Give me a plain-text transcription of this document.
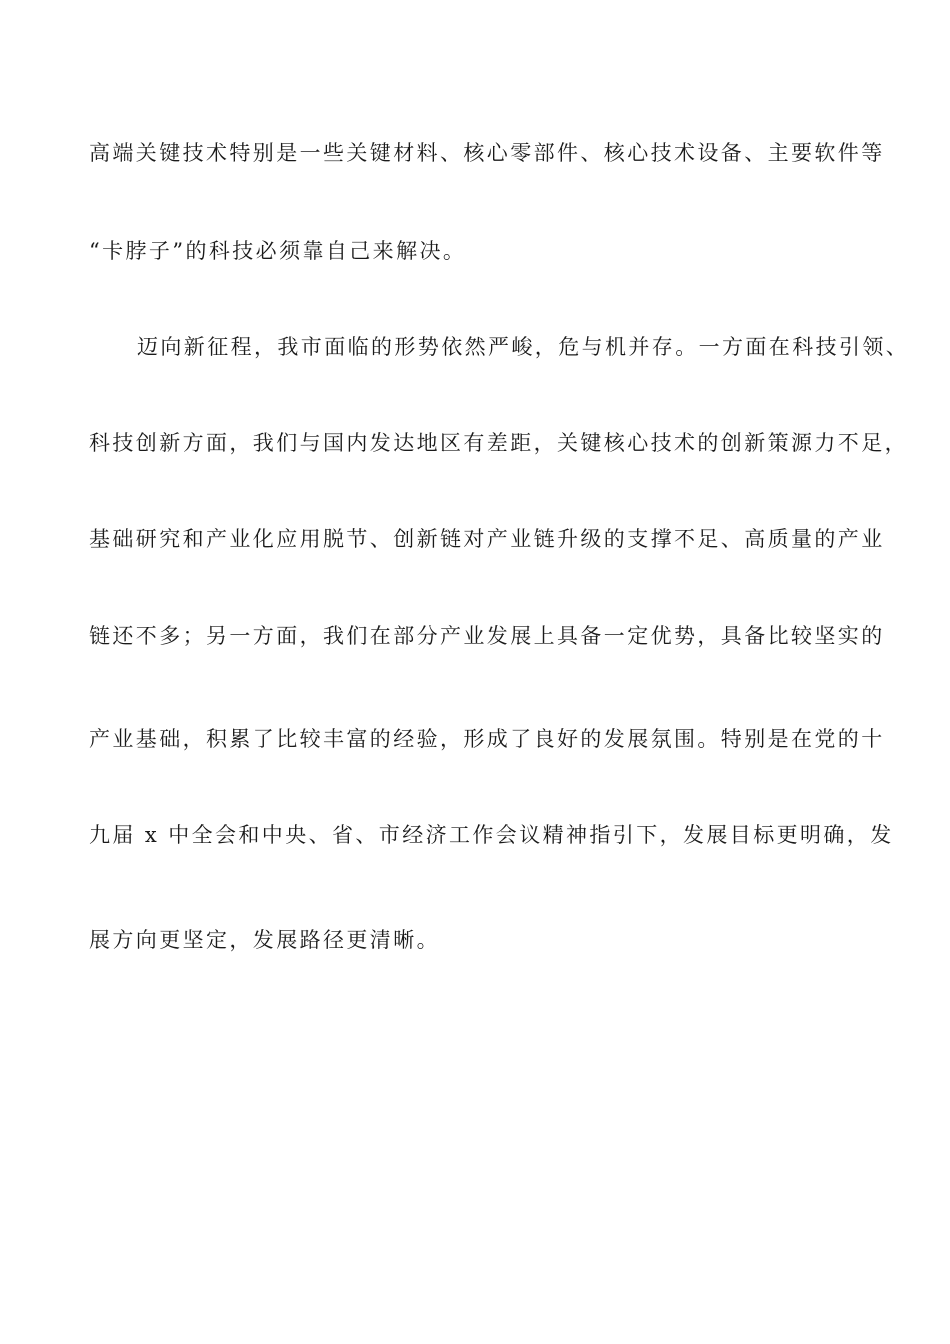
高端关键技术特别是一些关键材料、核心零部件、核心技术设备、主要软件等
“卡脖子”的科技必须靠自己来解决。
迈向新征程，我市面临的形势依然严峻，危与机并存。一方面在科技引领、
科技创新方面，我们与国内发达地区有差距，关键核心技术的创新策源力不足，
基础研究和产业化应用脱节、创新链对产业链升级的支撑不足、高质量的产业
链还不多；另一方面，我们在部分产业发展上具备一定优势，具备比较坚实的
产业基础，积累了比较丰富的经验，形成了良好的发展氛围。特别是在党的十
九届 x 中全会和中央、省、市经济工作会议精神指引下，发展目标更明确，发
展方向更坚定，发展路径更清晰。
